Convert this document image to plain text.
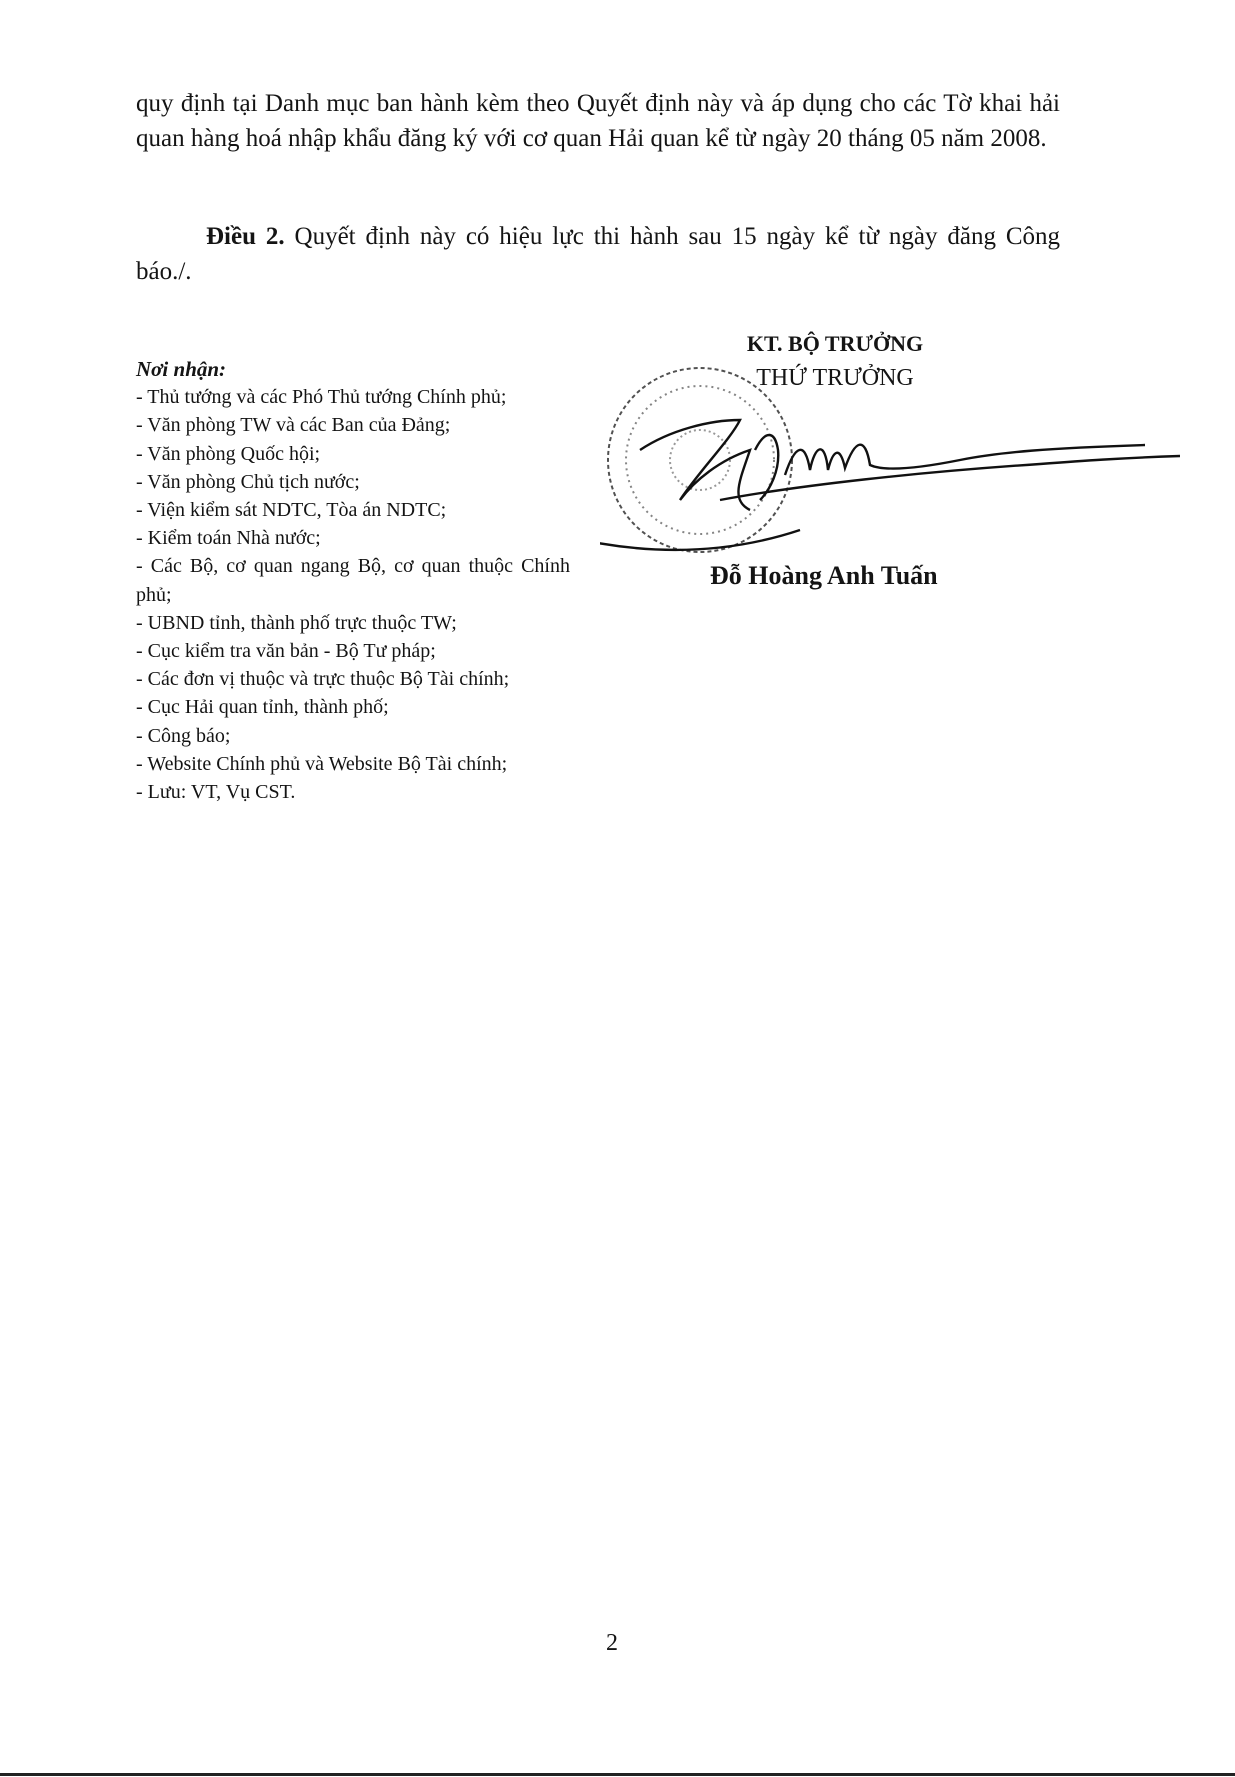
quy định tại Danh mục ban hành kèm theo Quyết định này và áp dụng cho các Tờ khai hải quan hàng hoá nhập khẩu đăng ký với cơ quan Hải quan kể từ ngày 20 tháng 05 năm 2008.

Điều 2. Quyết định này có hiệu lực thi hành sau 15 ngày kể từ ngày đăng Công báo./.

Nơi nhận:
- Thủ tướng và các Phó Thủ tướng Chính phủ;
- Văn phòng TW và các Ban của Đảng;
- Văn phòng Quốc hội;
- Văn phòng Chủ tịch nước;
- Viện kiểm sát NDTC, Tòa án NDTC;
- Kiểm toán Nhà nước;
- Các Bộ, cơ quan ngang Bộ, cơ quan thuộc Chính phủ;
- UBND tỉnh, thành phố trực thuộc TW;
- Cục kiểm tra văn bản - Bộ Tư pháp;
- Các đơn vị thuộc và trực thuộc Bộ Tài chính;
- Cục Hải quan tỉnh, thành phố;
- Công báo;
- Website Chính phủ và Website Bộ Tài chính;
- Lưu: VT, Vụ CST.
KT. BỘ TRƯỞNG
THỨ TRƯỞNG
Đỗ Hoàng Anh Tuấn
2
